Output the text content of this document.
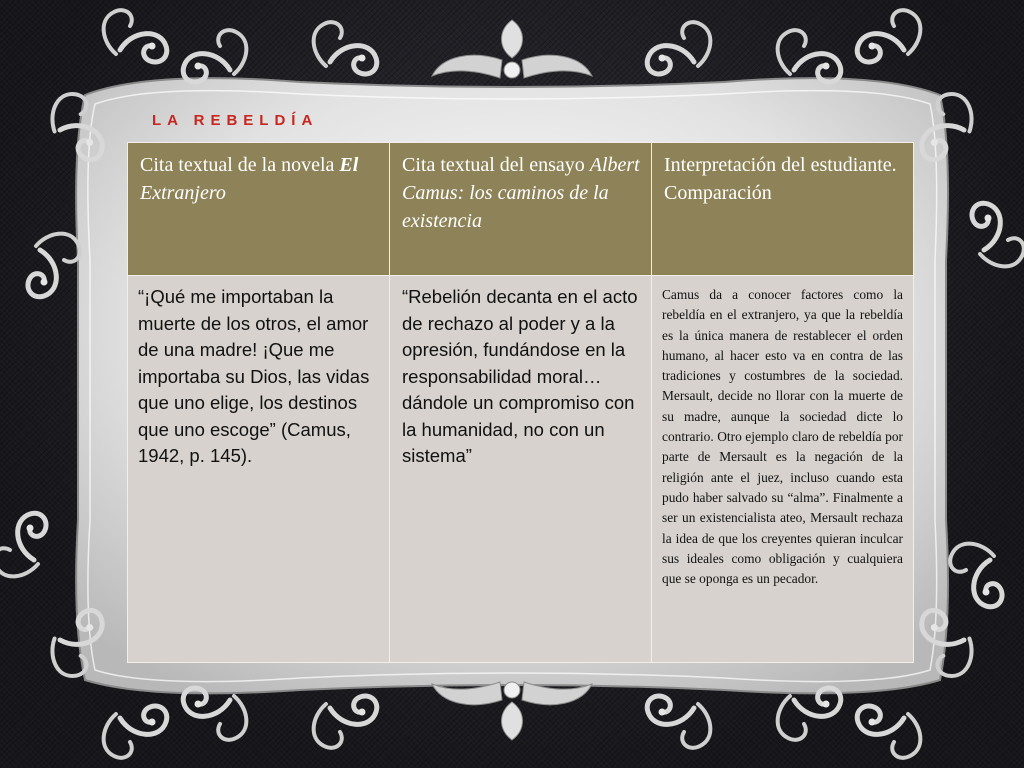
LA REBELDÍA
Cita textual de la novela El Extranjero	Cita textual del ensayo Albert Camus: los caminos de la existencia	Interpretación del estudiante. Comparación
“¡Qué me importaban la muerte de los otros, el amor de una madre! ¡Que me importaba su Dios, las vidas que uno elige, los destinos que uno escoge” (Camus, 1942, p. 145).	“Rebelión decanta en el acto de rechazo al poder y a la opresión, fundándose en la responsabilidad moral… dándole un compromiso con la humanidad, no con un sistema”	Camus da a conocer factores como la rebeldía en el extranjero, ya que la rebeldía es la única manera de restablecer el orden humano, al hacer esto va en contra de las tradiciones y costumbres de la sociedad. Mersault, decide no llorar con la muerte de su madre, aunque la sociedad dicte lo contrario. Otro ejemplo claro de rebeldía por parte de Mersault es la negación de la religión ante el juez, incluso cuando esta pudo haber salvado su “alma”. Finalmente a ser un existencialista ateo, Mersault rechaza la idea de que los creyentes quieran inculcar sus ideales como obligación y cualquiera que se oponga es un pecador.
